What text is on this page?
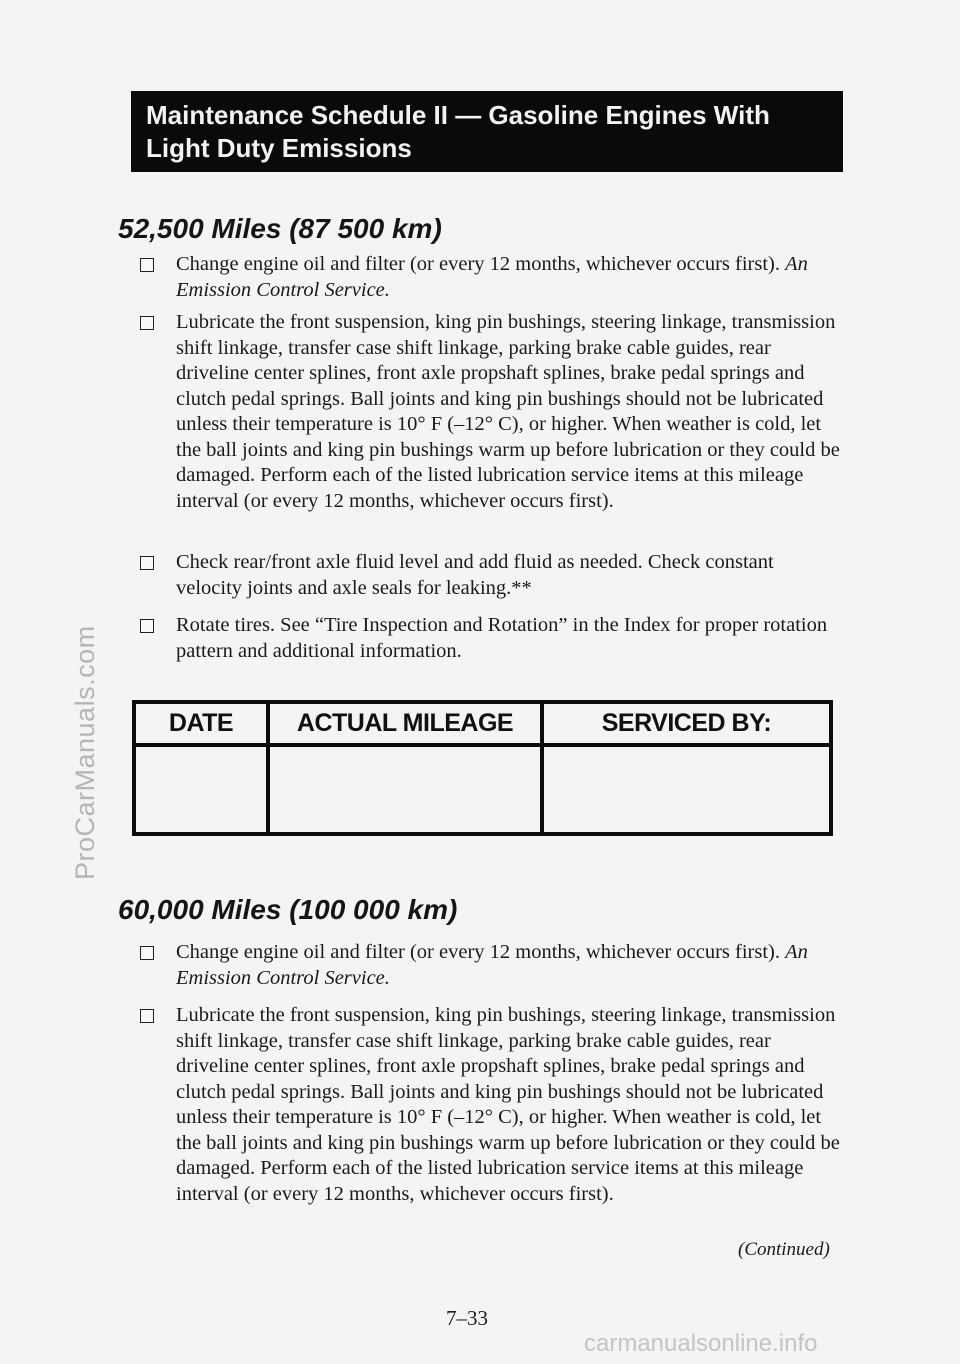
ProCarManuals.com
Maintenance Schedule II — Gasoline Engines With
Light Duty Emissions
52,500 Miles (87 500 km)
Change engine oil and filter (or every 12 months, whichever occurs first). An Emission Control Service.
Lubricate the front suspension, king pin bushings, steering linkage, transmission shift linkage, transfer case shift linkage, parking brake cable guides, rear driveline center splines, front axle propshaft splines, brake pedal springs and clutch pedal springs. Ball joints and king pin bushings should not be lubricated unless their temperature is 10° F (–12° C), or higher. When weather is cold, let the ball joints and king pin bushings warm up before lubrication or they could be damaged. Perform each of the listed lubrication service items at this mileage interval (or every 12 months, whichever occurs first).
Check rear/front axle fluid level and add fluid as needed. Check constant velocity joints and axle seals for leaking.**
Rotate tires. See “Tire Inspection and Rotation” in the Index for proper rotation pattern and additional information.
DATE	ACTUAL MILEAGE	SERVICED BY:

60,000 Miles (100 000 km)
Change engine oil and filter (or every 12 months, whichever occurs first). An Emission Control Service.
Lubricate the front suspension, king pin bushings, steering linkage, transmission shift linkage, transfer case shift linkage, parking brake cable guides, rear driveline center splines, front axle propshaft splines, brake pedal springs and clutch pedal springs. Ball joints and king pin bushings should not be lubricated unless their temperature is 10° F (–12° C), or higher. When weather is cold, let the ball joints and king pin bushings warm up before lubrication or they could be damaged. Perform each of the listed lubrication service items at this mileage interval (or every 12 months, whichever occurs first).
(Continued)
7–33
carmanualsonline.info
